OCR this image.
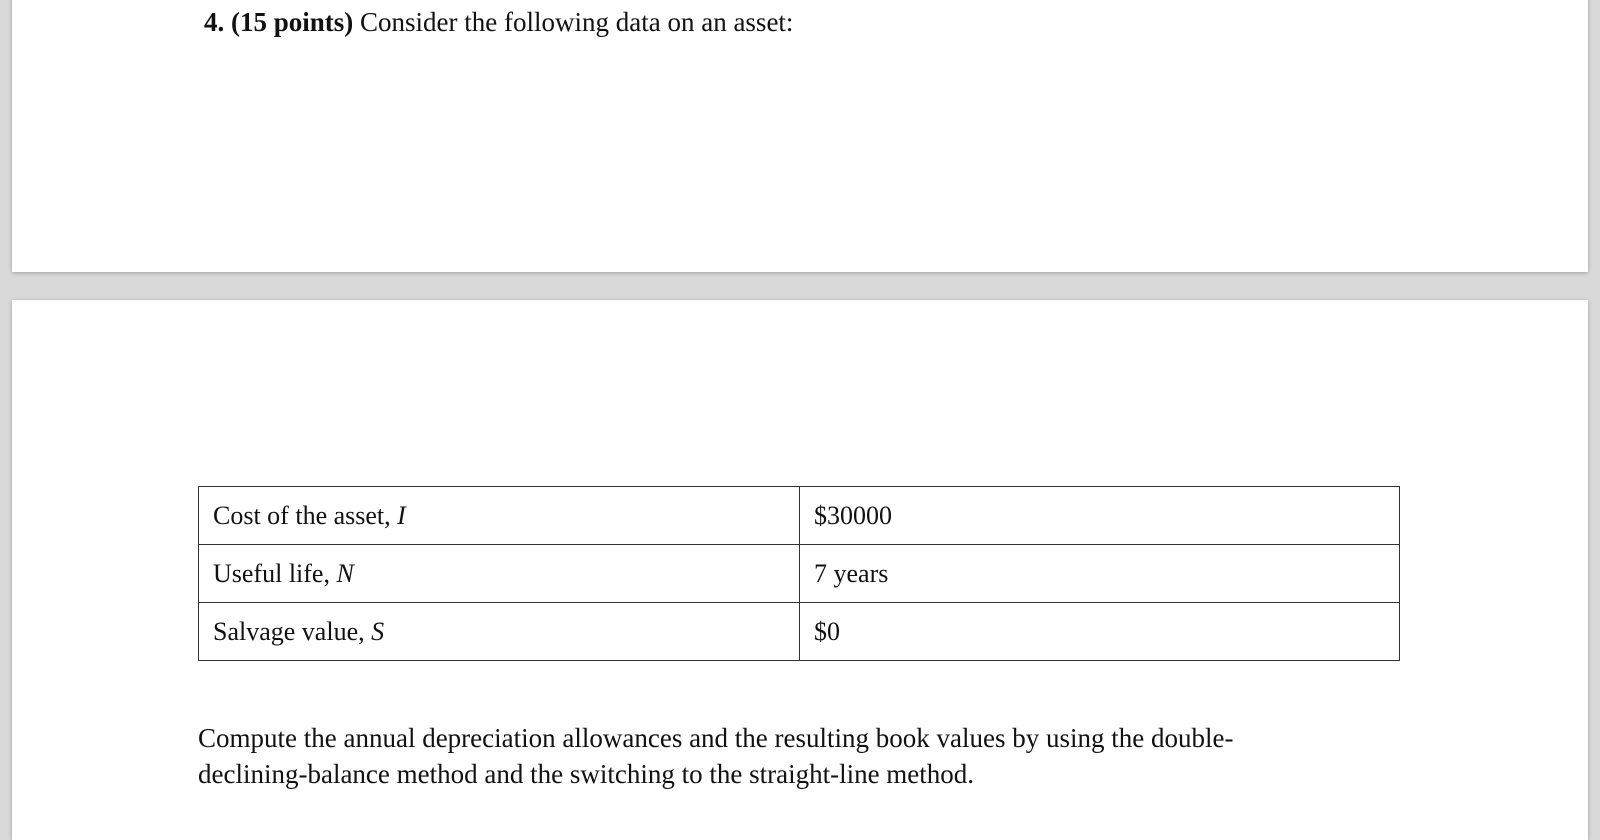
4. (15 points) Consider the following data on an asset:
Cost of the asset, I	$30000
Useful life, N	7 years
Salvage value, S	$0
Compute the annual depreciation allowances and the resulting book values by using the double-
declining-balance method and the switching to the straight-line method.
